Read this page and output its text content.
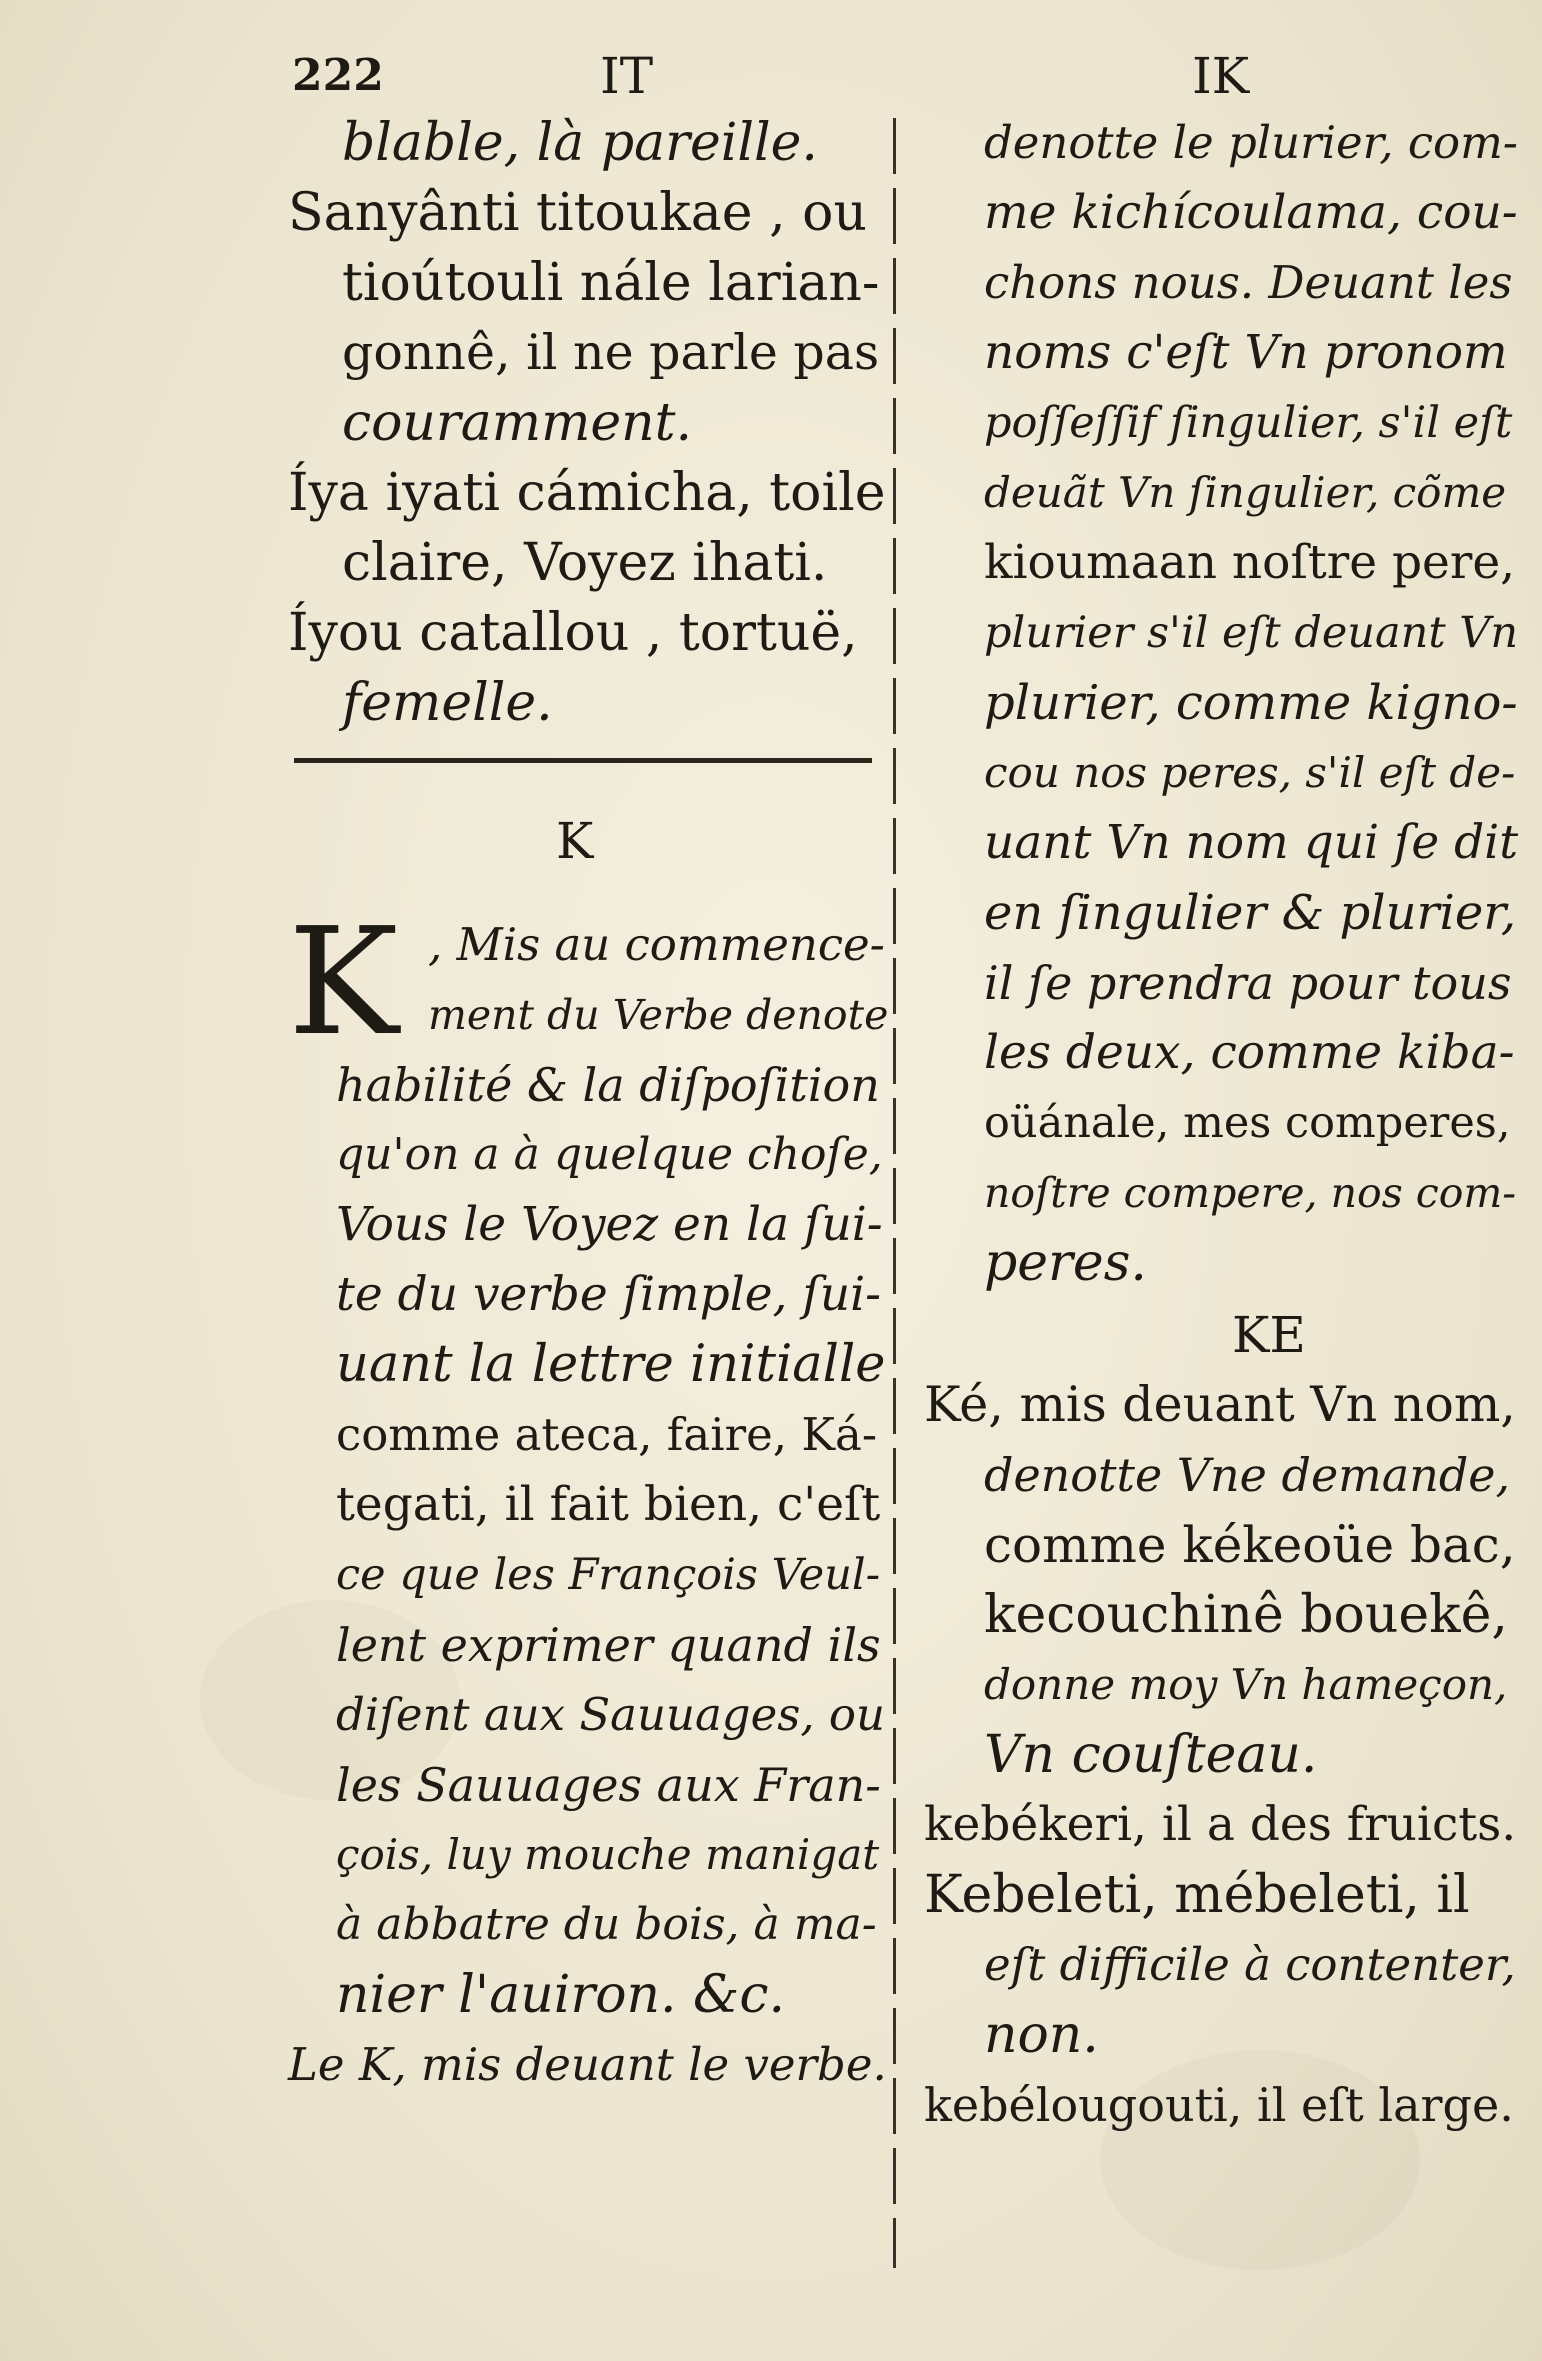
222	IT	IK
blable, là pareille.
Sanyânti titoukae , ou
tioútouli nále larian-
gonnê, il ne parle pas
couramment.
Íya iyati cámicha, toile
claire, Voyez ihati.
Íyou catallou , tortuë,
femelle.
K
K , Mis au commence-
ment du Verbe denote
habilité & la diſpoſition
qu'on a à quelque choſe,
Vous le Voyez en la ſui-
te du verbe ſimple, ſui-
uant la lettre initialle
comme ateca, faire, Ká-
tegati, il fait bien, c'eſt
ce que les François Veul-
lent exprimer quand ils
diſent aux Sauuages, ou
les Sauuages aux Fran-
çois, luy mouche manigat
à abbatre du bois, à ma-
nier l'auiron. &c.
Le K, mis deuant le verbe.
denotte le plurier, com-
me kichícoulama, cou-
chons nous. Deuant les
noms c'eſt Vn pronom
poſſeſſif ſingulier, s'il eſt
deuãt Vn ſingulier, cõme
kioumaan noſtre pere,
plurier s'il eſt deuant Vn
plurier, comme kigno-
cou nos peres, s'il eſt de-
uant Vn nom qui ſe dit
en ſingulier & plurier,
il ſe prendra pour tous
les deux, comme kiba-
oüánale, mes comperes,
noſtre compere, nos com-
peres.
KE
Ké, mis deuant Vn nom,
denotte Vne demande,
comme kékeoüe bac,
kecouchinê bouekê,
donne moy Vn hameçon,
Vn couſteau.
kebékeri, il a des fruicts.
Kebeleti, mébeleti, il
eſt difficile à contenter,
non.
kebélougouti, il eſt large.
